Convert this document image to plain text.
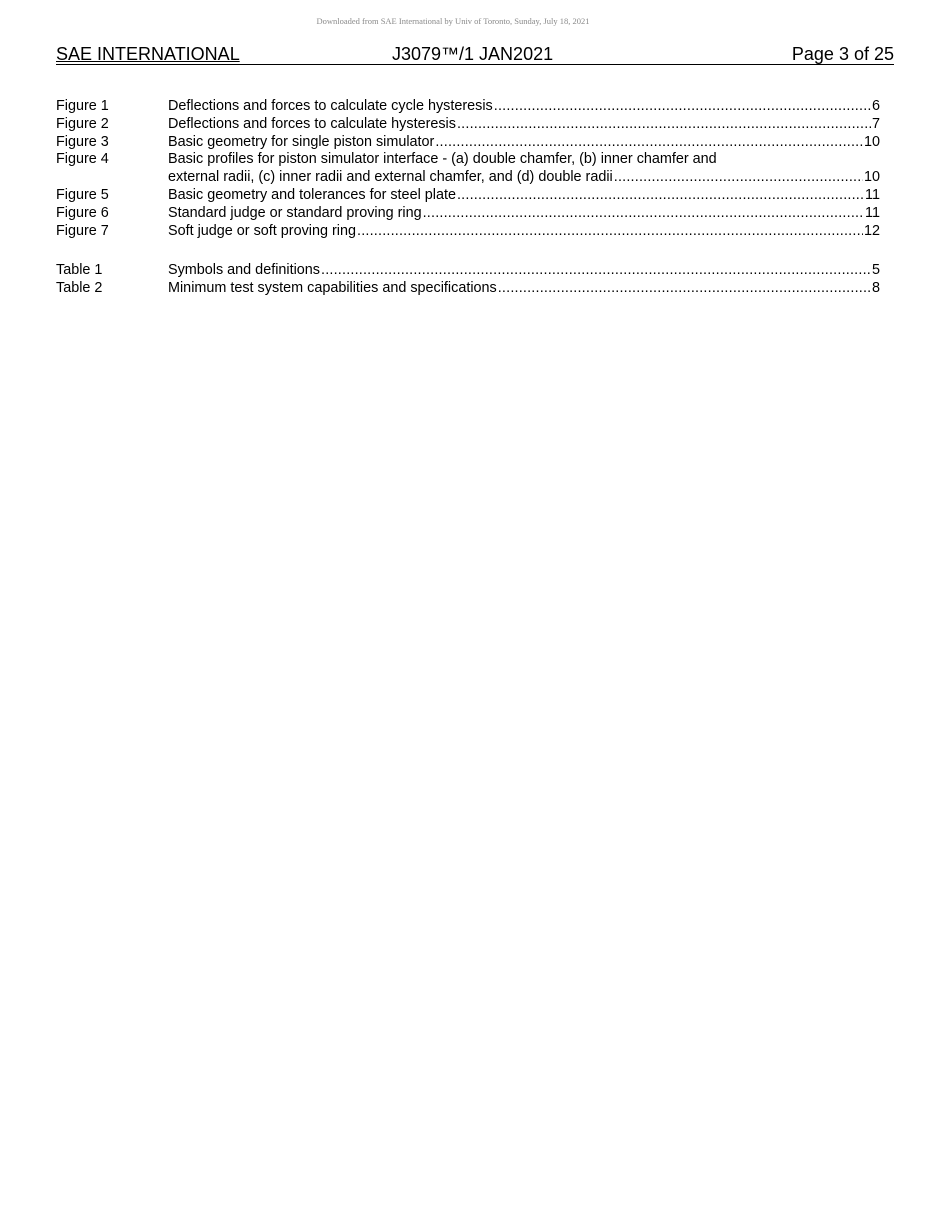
Downloaded from SAE International by Univ of Toronto, Sunday, July 18, 2021
SAE INTERNATIONAL	J3079™/1 JAN2021	Page 3 of 25
Figure 1	Deflections and forces to calculate cycle hysteresis .....	6
Figure 2	Deflections and forces to calculate hysteresis .....	7
Figure 3	Basic geometry for single piston simulator .....	10
Figure 4	Basic profiles for piston simulator interface - (a) double chamfer, (b) inner chamfer and
external radii, (c) inner radii and external chamfer, and (d) double radii .....	10
Figure 5	Basic geometry and tolerances for steel plate .....	11
Figure 6	Standard judge or standard proving ring .....	11
Figure 7	Soft judge or soft proving ring .....	12
Table 1	Symbols and definitions .....	5
Table 2	Minimum test system capabilities and specifications .....	8
